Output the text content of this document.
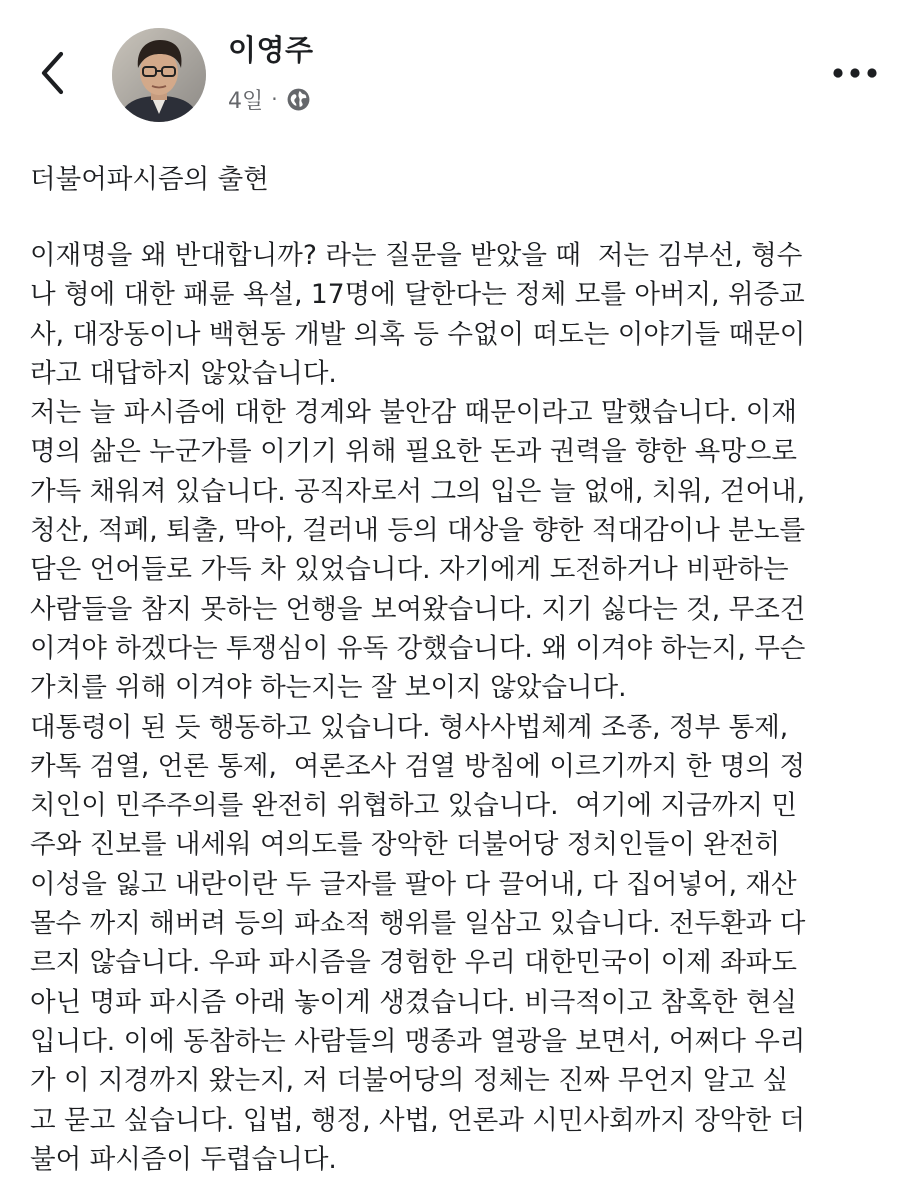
이영주
4일 ·
더불어파시즘의 출현
이재명을 왜 반대합니까? 라는 질문을 받았을 때  저는 김부선, 형수
나 형에 대한 패륜 욕설, 17명에 달한다는 정체 모를 아버지, 위증교
사, 대장동이나 백현동 개발 의혹 등 수없이 떠도는 이야기들 때문이
라고 대답하지 않았습니다.
저는 늘 파시즘에 대한 경계와 불안감 때문이라고 말했습니다. 이재
명의 삶은 누군가를 이기기 위해 필요한 돈과 권력을 향한 욕망으로
가득 채워져 있습니다. 공직자로서 그의 입은 늘 없애, 치워, 걷어내,
청산, 적폐, 퇴출, 막아, 걸러내 등의 대상을 향한 적대감이나 분노를
담은 언어들로 가득 차 있었습니다. 자기에게 도전하거나 비판하는
사람들을 참지 못하는 언행을 보여왔습니다. 지기 싫다는 것, 무조건
이겨야 하겠다는 투쟁심이 유독 강했습니다. 왜 이겨야 하는지, 무슨
가치를 위해 이겨야 하는지는 잘 보이지 않았습니다.
대통령이 된 듯 행동하고 있습니다. 형사사법체계 조종, 정부 통제,
카톡 검열, 언론 통제,  여론조사 검열 방침에 이르기까지 한 명의 정
치인이 민주주의를 완전히 위협하고 있습니다.  여기에 지금까지 민
주와 진보를 내세워 여의도를 장악한 더불어당 정치인들이 완전히
이성을 잃고 내란이란 두 글자를 팔아 다 끌어내, 다 집어넣어, 재산
몰수 까지 해버려 등의 파쇼적 행위를 일삼고 있습니다. 전두환과 다
르지 않습니다. 우파 파시즘을 경험한 우리 대한민국이 이제 좌파도
아닌 명파 파시즘 아래 놓이게 생겼습니다. 비극적이고 참혹한 현실
입니다. 이에 동참하는 사람들의 맹종과 열광을 보면서, 어쩌다 우리
가 이 지경까지 왔는지, 저 더불어당의 정체는 진짜 무언지 알고 싶
고 묻고 싶습니다. 입법, 행정, 사법, 언론과 시민사회까지 장악한 더
불어 파시즘이 두렵습니다.
